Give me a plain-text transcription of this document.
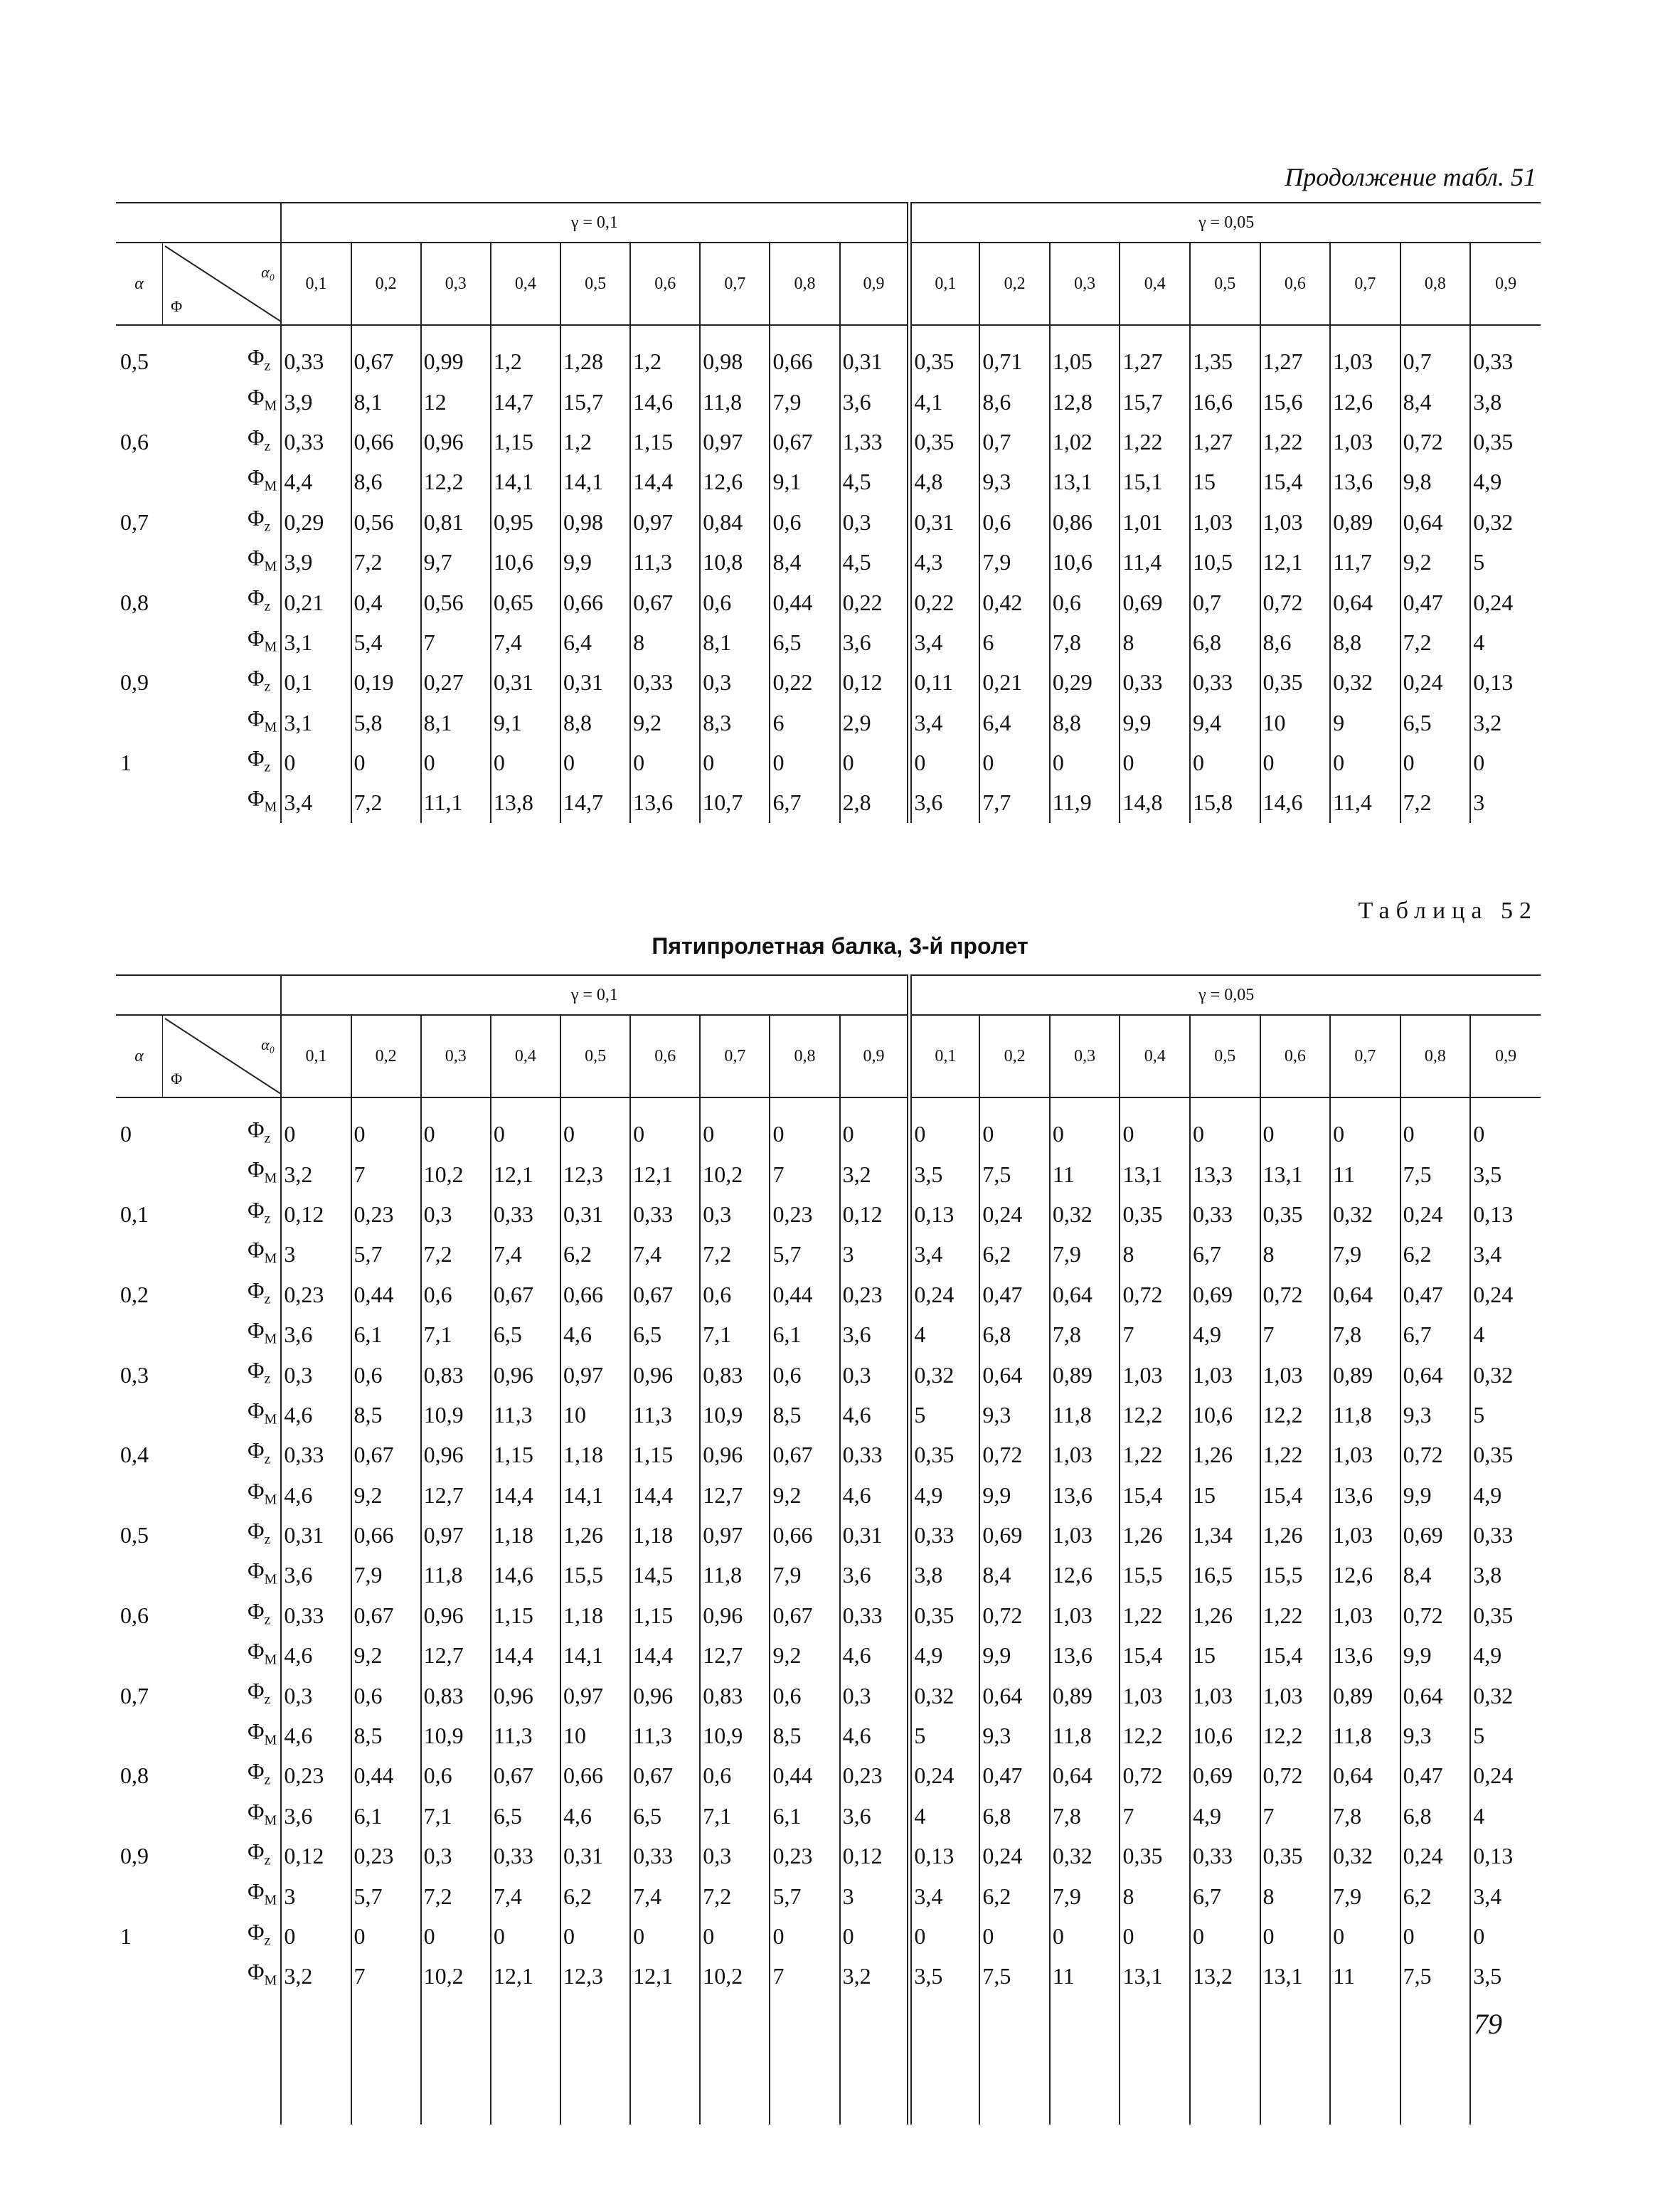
Продолжение табл. 51
		γ = 0,1									γ = 0,05								
α	Φ
α₀	0,1	0,2	0,3	0,4	0,5	0,6	0,7	0,8	0,9	0,1	0,2	0,3	0,4	0,5	0,6	0,7	0,8	0,9

0,5	$\Phi_z$	0,33	0,67	0,99	1,2	1,28	1,2	0,98	0,66	0,31	0,35	0,71	1,05	1,27	1,35	1,27	1,03	0,7	0,33
	$\Phi_M$	3,9	8,1	12	14,7	15,7	14,6	11,8	7,9	3,6	4,1	8,6	12,8	15,7	16,6	15,6	12,6	8,4	3,8
0,6	$\Phi_z$	0,33	0,66	0,96	1,15	1,2	1,15	0,97	0,67	1,33	0,35	0,7	1,02	1,22	1,27	1,22	1,03	0,72	0,35
	$\Phi_M$	4,4	8,6	12,2	14,1	14,1	14,4	12,6	9,1	4,5	4,8	9,3	13,1	15,1	15	15,4	13,6	9,8	4,9
0,7	$\Phi_z$	0,29	0,56	0,81	0,95	0,98	0,97	0,84	0,6	0,3	0,31	0,6	0,86	1,01	1,03	1,03	0,89	0,64	0,32
	$\Phi_M$	3,9	7,2	9,7	10,6	9,9	11,3	10,8	8,4	4,5	4,3	7,9	10,6	11,4	10,5	12,1	11,7	9,2	5
0,8	$\Phi_z$	0,21	0,4	0,56	0,65	0,66	0,67	0,6	0,44	0,22	0,22	0,42	0,6	0,69	0,7	0,72	0,64	0,47	0,24
	$\Phi_M$	3,1	5,4	7	7,4	6,4	8	8,1	6,5	3,6	3,4	6	7,8	8	6,8	8,6	8,8	7,2	4
0,9	$\Phi_z$	0,1	0,19	0,27	0,31	0,31	0,33	0,3	0,22	0,12	0,11	0,21	0,29	0,33	0,33	0,35	0,32	0,24	0,13
	$\Phi_M$	3,1	5,8	8,1	9,1	8,8	9,2	8,3	6	2,9	3,4	6,4	8,8	9,9	9,4	10	9	6,5	3,2
1	$\Phi_z$	0	0	0	0	0	0	0	0	0	0	0	0	0	0	0	0	0	0
	$\Phi_M$	3,4	7,2	11,1	13,8	14,7	13,6	10,7	6,7	2,8	3,6	7,7	11,9	14,8	15,8	14,6	11,4	7,2	3
Таблица 52
Пятипролетная балка, 3-й пролет
		γ = 0,1									γ = 0,05								
α	Φ
α₀	0,1	0,2	0,3	0,4	0,5	0,6	0,7	0,8	0,9	0,1	0,2	0,3	0,4	0,5	0,6	0,7	0,8	0,9

0	$\Phi_z$	0	0	0	0	0	0	0	0	0	0	0	0	0	0	0	0	0	0
	$\Phi_M$	3,2	7	10,2	12,1	12,3	12,1	10,2	7	3,2	3,5	7,5	11	13,1	13,3	13,1	11	7,5	3,5
0,1	$\Phi_z$	0,12	0,23	0,3	0,33	0,31	0,33	0,3	0,23	0,12	0,13	0,24	0,32	0,35	0,33	0,35	0,32	0,24	0,13
	$\Phi_M$	3	5,7	7,2	7,4	6,2	7,4	7,2	5,7	3	3,4	6,2	7,9	8	6,7	8	7,9	6,2	3,4
0,2	$\Phi_z$	0,23	0,44	0,6	0,67	0,66	0,67	0,6	0,44	0,23	0,24	0,47	0,64	0,72	0,69	0,72	0,64	0,47	0,24
	$\Phi_M$	3,6	6,1	7,1	6,5	4,6	6,5	7,1	6,1	3,6	4	6,8	7,8	7	4,9	7	7,8	6,7	4
0,3	$\Phi_z$	0,3	0,6	0,83	0,96	0,97	0,96	0,83	0,6	0,3	0,32	0,64	0,89	1,03	1,03	1,03	0,89	0,64	0,32
	$\Phi_M$	4,6	8,5	10,9	11,3	10	11,3	10,9	8,5	4,6	5	9,3	11,8	12,2	10,6	12,2	11,8	9,3	5
0,4	$\Phi_z$	0,33	0,67	0,96	1,15	1,18	1,15	0,96	0,67	0,33	0,35	0,72	1,03	1,22	1,26	1,22	1,03	0,72	0,35
	$\Phi_M$	4,6	9,2	12,7	14,4	14,1	14,4	12,7	9,2	4,6	4,9	9,9	13,6	15,4	15	15,4	13,6	9,9	4,9
0,5	$\Phi_z$	0,31	0,66	0,97	1,18	1,26	1,18	0,97	0,66	0,31	0,33	0,69	1,03	1,26	1,34	1,26	1,03	0,69	0,33
	$\Phi_M$	3,6	7,9	11,8	14,6	15,5	14,5	11,8	7,9	3,6	3,8	8,4	12,6	15,5	16,5	15,5	12,6	8,4	3,8
0,6	$\Phi_z$	0,33	0,67	0,96	1,15	1,18	1,15	0,96	0,67	0,33	0,35	0,72	1,03	1,22	1,26	1,22	1,03	0,72	0,35
	$\Phi_M$	4,6	9,2	12,7	14,4	14,1	14,4	12,7	9,2	4,6	4,9	9,9	13,6	15,4	15	15,4	13,6	9,9	4,9
0,7	$\Phi_z$	0,3	0,6	0,83	0,96	0,97	0,96	0,83	0,6	0,3	0,32	0,64	0,89	1,03	1,03	1,03	0,89	0,64	0,32
	$\Phi_M$	4,6	8,5	10,9	11,3	10	11,3	10,9	8,5	4,6	5	9,3	11,8	12,2	10,6	12,2	11,8	9,3	5
0,8	$\Phi_z$	0,23	0,44	0,6	0,67	0,66	0,67	0,6	0,44	0,23	0,24	0,47	0,64	0,72	0,69	0,72	0,64	0,47	0,24
	$\Phi_M$	3,6	6,1	7,1	6,5	4,6	6,5	7,1	6,1	3,6	4	6,8	7,8	7	4,9	7	7,8	6,8	4
0,9	$\Phi_z$	0,12	0,23	0,3	0,33	0,31	0,33	0,3	0,23	0,12	0,13	0,24	0,32	0,35	0,33	0,35	0,32	0,24	0,13
	$\Phi_M$	3	5,7	7,2	7,4	6,2	7,4	7,2	5,7	3	3,4	6,2	7,9	8	6,7	8	7,9	6,2	3,4
1	$\Phi_z$	0	0	0	0	0	0	0	0	0	0	0	0	0	0	0	0	0	0
	$\Phi_M$	3,2	7	10,2	12,1	12,3	12,1	10,2	7	3,2	3,5	7,5	11	13,1	13,2	13,1	11	7,5	3,5

79
